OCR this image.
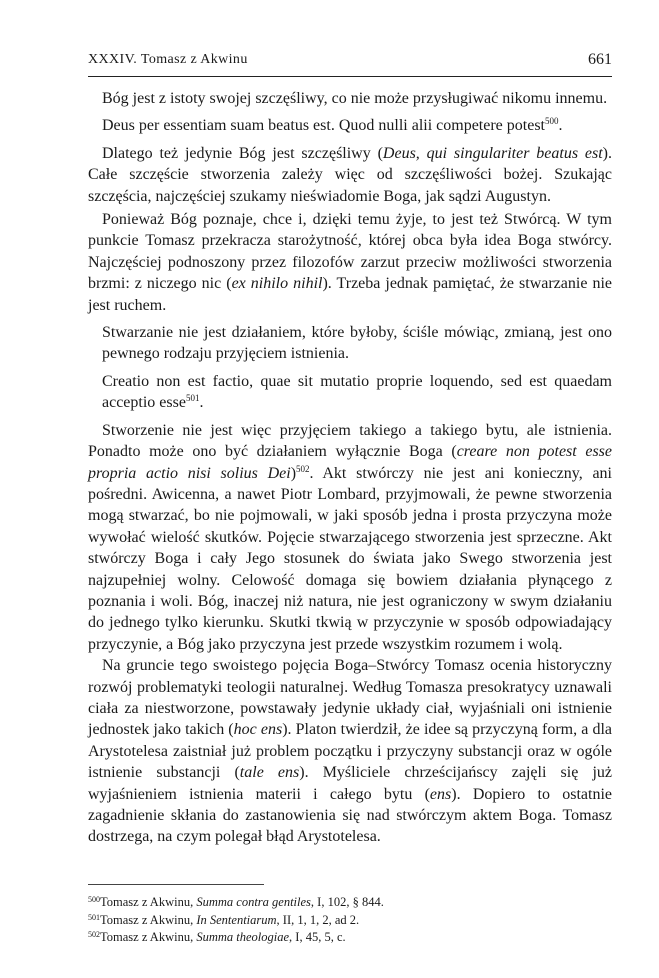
XXXIV. Tomasz z Akwinu	661

Bóg jest z istoty swojej szczęśliwy, co nie może przysługiwać nikomu innemu.

Deus per essentiam suam beatus est. Quod nulli alii competere potest$^{500}$.

Dlatego też jedynie Bóg jest szczęśliwy (Deus, qui singulariter beatus est). Całe szczęście stworzenia zależy więc od szczęśliwości bożej. Szukając szczęścia, najczęściej szukamy nieświadomie Boga, jak sądzi Augustyn.

Ponieważ Bóg poznaje, chce i, dzięki temu żyje, to jest też Stwórcą. W tym punkcie Tomasz przekracza starożytność, której obca była idea Boga stwórcy. Najczęściej podnoszony przez filozofów zarzut przeciw możliwości stworzenia brzmi: z niczego nic (ex nihilo nihil). Trzeba jednak pamiętać, że stwarzanie nie jest ruchem.

Stwarzanie nie jest działaniem, które byłoby, ściśle mówiąc, zmianą, jest ono pewnego rodzaju przyjęciem istnienia.

Creatio non est factio, quae sit mutatio proprie loquendo, sed est quaedam acceptio esse$^{501}$.

Stworzenie nie jest więc przyjęciem takiego a takiego bytu, ale istnienia. Ponadto może ono być działaniem wyłącznie Boga (creare non potest esse propria actio nisi solius Dei)$^{502}$. Akt stwórczy nie jest ani konieczny, ani pośredni. Awicenna, a nawet Piotr Lombard, przyjmowali, że pewne stworzenia mogą stwarzać, bo nie pojmowali, w jaki sposób jedna i prosta przyczyna może wywołać wielość skutków. Pojęcie stwarzającego stworzenia jest sprzeczne. Akt stwórczy Boga i cały Jego stosunek do świata jako Swego stworzenia jest najzupełniej wolny. Celowość domaga się bowiem działania płynącego z poznania i woli. Bóg, inaczej niż natura, nie jest ograniczony w swym działaniu do jednego tylko kierunku. Skutki tkwią w przyczynie w sposób odpowiadający przyczynie, a Bóg jako przyczyna jest przede wszystkim rozumem i wolą.

Na gruncie tego swoistego pojęcia Boga–Stwórcy Tomasz ocenia historyczny rozwój problematyki teologii naturalnej. Według Tomasza presokratycy uznawali ciała za niestworzone, powstawały jedynie układy ciał, wyjaśniali oni istnienie jednostek jako takich (hoc ens). Platon twierdził, że idee są przyczyną form, a dla Arystotelesa zaistniał już problem początku i przyczyny substancji oraz w ogóle istnienie substancji (tale ens). Myśliciele chrześcijańscy zajęli się już wyjaśnieniem istnienia materii i całego bytu (ens). Dopiero to ostatnie zagadnienie skłania do zastanowienia się nad stwórczym aktem Boga. Tomasz dostrzega, na czym polegał błąd Arystotelesa.

$^{500}$Tomasz z Akwinu, Summa contra gentiles, I, 102, § 844.
$^{501}$Tomasz z Akwinu, In Sententiarum, II, 1, 1, 2, ad 2.
$^{502}$Tomasz z Akwinu, Summa theologiae, I, 45, 5, c.
